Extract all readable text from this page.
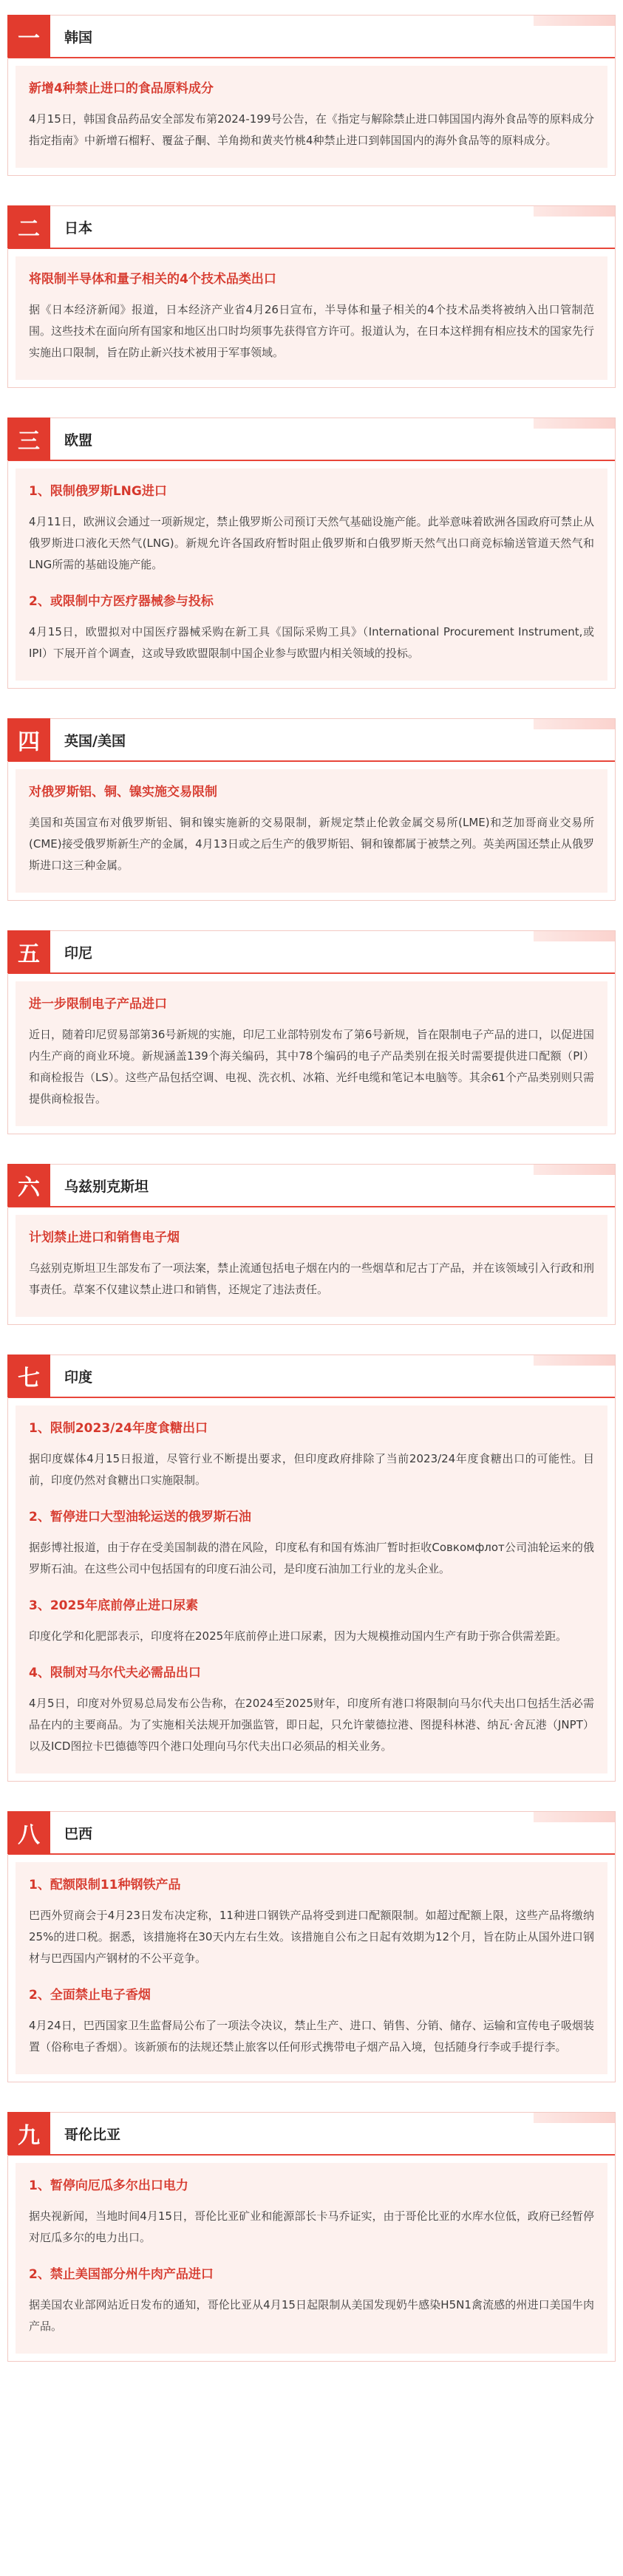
一	韩国
新增4种禁止进口的食品原料成分
4月15日，韩国食品药品安全部发布第2024-199号公告，在《指定与解除禁止进口韩国国内海外食品等的原料成分指定指南》中新增石榴籽、覆盆子酮、羊角拗和黄夹竹桃4种禁止进口到韩国国内的海外食品等的原料成分。
二	日本
将限制半导体和量子相关的4个技术品类出口
据《日本经济新闻》报道，日本经济产业省4月26日宣布，半导体和量子相关的4个技术品类将被纳入出口管制范围。这些技术在面向所有国家和地区出口时均须事先获得官方许可。报道认为，在日本这样拥有相应技术的国家先行实施出口限制，旨在防止新兴技术被用于军事领域。
三	欧盟
1、限制俄罗斯LNG进口
4月11日，欧洲议会通过一项新规定，禁止俄罗斯公司预订天然气基础设施产能。此举意味着欧洲各国政府可禁止从俄罗斯进口液化天然气(LNG)。新规允许各国政府暂时阻止俄罗斯和白俄罗斯天然气出口商竞标输送管道天然气和LNG所需的基础设施产能。
2、或限制中方医疗器械参与投标
4月15日，欧盟拟对中国医疗器械采购在新工具《国际采购工具》（International Procurement Instrument,或IPI）下展开首个调查，这或导致欧盟限制中国企业参与欧盟内相关领域的投标。
四	英国/美国
对俄罗斯铝、铜、镍实施交易限制
美国和英国宣布对俄罗斯铝、铜和镍实施新的交易限制，新规定禁止伦敦金属交易所(LME)和芝加哥商业交易所(CME)接受俄罗斯新生产的金属，4月13日或之后生产的俄罗斯铝、铜和镍都属于被禁之列。英美两国还禁止从俄罗斯进口这三种金属。
五	印尼
进一步限制电子产品进口
近日，随着印尼贸易部第36号新规的实施，印尼工业部特别发布了第6号新规，旨在限制电子产品的进口，以促进国内生产商的商业环境。新规涵盖139个海关编码，其中78个编码的电子产品类别在报关时需要提供进口配额（PI）和商检报告（LS）。这些产品包括空调、电视、洗衣机、冰箱、光纤电缆和笔记本电脑等。其余61个产品类别则只需提供商检报告。
六	乌兹别克斯坦
计划禁止进口和销售电子烟
乌兹别克斯坦卫生部发布了一项法案，禁止流通包括电子烟在内的一些烟草和尼古丁产品，并在该领域引入行政和刑事责任。草案不仅建议禁止进口和销售，还规定了违法责任。
七	印度
1、限制2023/24年度食糖出口
据印度媒体4月15日报道，尽管行业不断提出要求，但印度政府排除了当前2023/24年度食糖出口的可能性。目前，印度仍然对食糖出口实施限制。
2、暂停进口大型油轮运送的俄罗斯石油
据彭博社报道，由于存在受美国制裁的潜在风险，印度私有和国有炼油厂暂时拒收Совкомфлот公司油轮运来的俄罗斯石油。在这些公司中包括国有的印度石油公司，是印度石油加工行业的龙头企业。
3、2025年底前停止进口尿素
印度化学和化肥部表示，印度将在2025年底前停止进口尿素，因为大规模推动国内生产有助于弥合供需差距。
4、限制对马尔代夫必需品出口
4月5日，印度对外贸易总局发布公告称，在2024至2025财年，印度所有港口将限制向马尔代夫出口包括生活必需品在内的主要商品。为了实施相关法规开加强监管，即日起，只允许蒙德拉港、图提科林港、纳瓦·舍瓦港（JNPT）以及ICD图拉卡巴德德等四个港口处理向马尔代夫出口必须品的相关业务。
八	巴西
1、配额限制11种钢铁产品
巴西外贸商会于4月23日发布决定称，11种进口钢铁产品将受到进口配额限制。如超过配额上限，这些产品将缴纳25%的进口税。据悉，该措施将在30天内左右生效。该措施自公布之日起有效期为12个月，旨在防止从国外进口钢材与巴西国内产钢材的不公平竞争。
2、全面禁止电子香烟
4月24日，巴西国家卫生监督局公布了一项法令决议，禁止生产、进口、销售、分销、储存、运输和宣传电子吸烟装置（俗称电子香烟）。该新颁布的法规还禁止旅客以任何形式携带电子烟产品入境，包括随身行李或手提行李。
九	哥伦比亚
1、暂停向厄瓜多尔出口电力
据央视新闻，当地时间4月15日，哥伦比亚矿业和能源部长卡马乔证实，由于哥伦比亚的水库水位低，政府已经暂停对厄瓜多尔的电力出口。
2、禁止美国部分州牛肉产品进口
据美国农业部网站近日发布的通知，哥伦比亚从4月15日起限制从美国发现奶牛感染H5N1禽流感的州进口美国牛肉产品。
